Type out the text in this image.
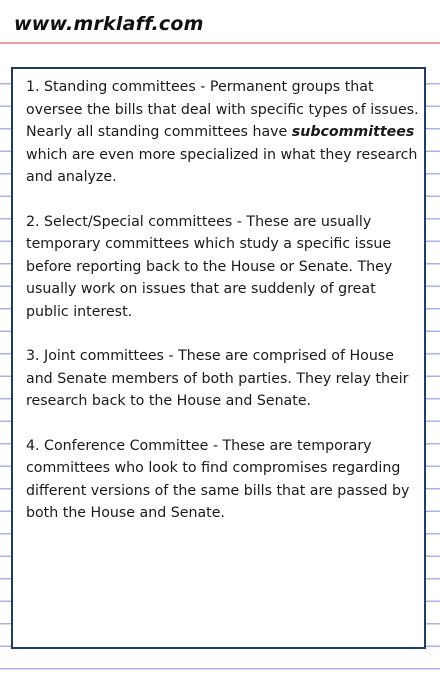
www.mrklaff.com

1. Standing committees - Permanent groups that oversee the bills that deal with specific types of issues. Nearly all standing committees have subcommittees which are even more specialized in what they research and analyze.

2. Select/Special committees - These are usually temporary committees which study a specific issue before reporting back to the House or Senate. They usually work on issues that are suddenly of great public interest.

3. Joint committees - These are comprised of House and Senate members of both parties. They relay their research back to the House and Senate.

4. Conference Committee - These are temporary committees who look to find compromises regarding different versions of the same bills that are passed by both the House and Senate.
